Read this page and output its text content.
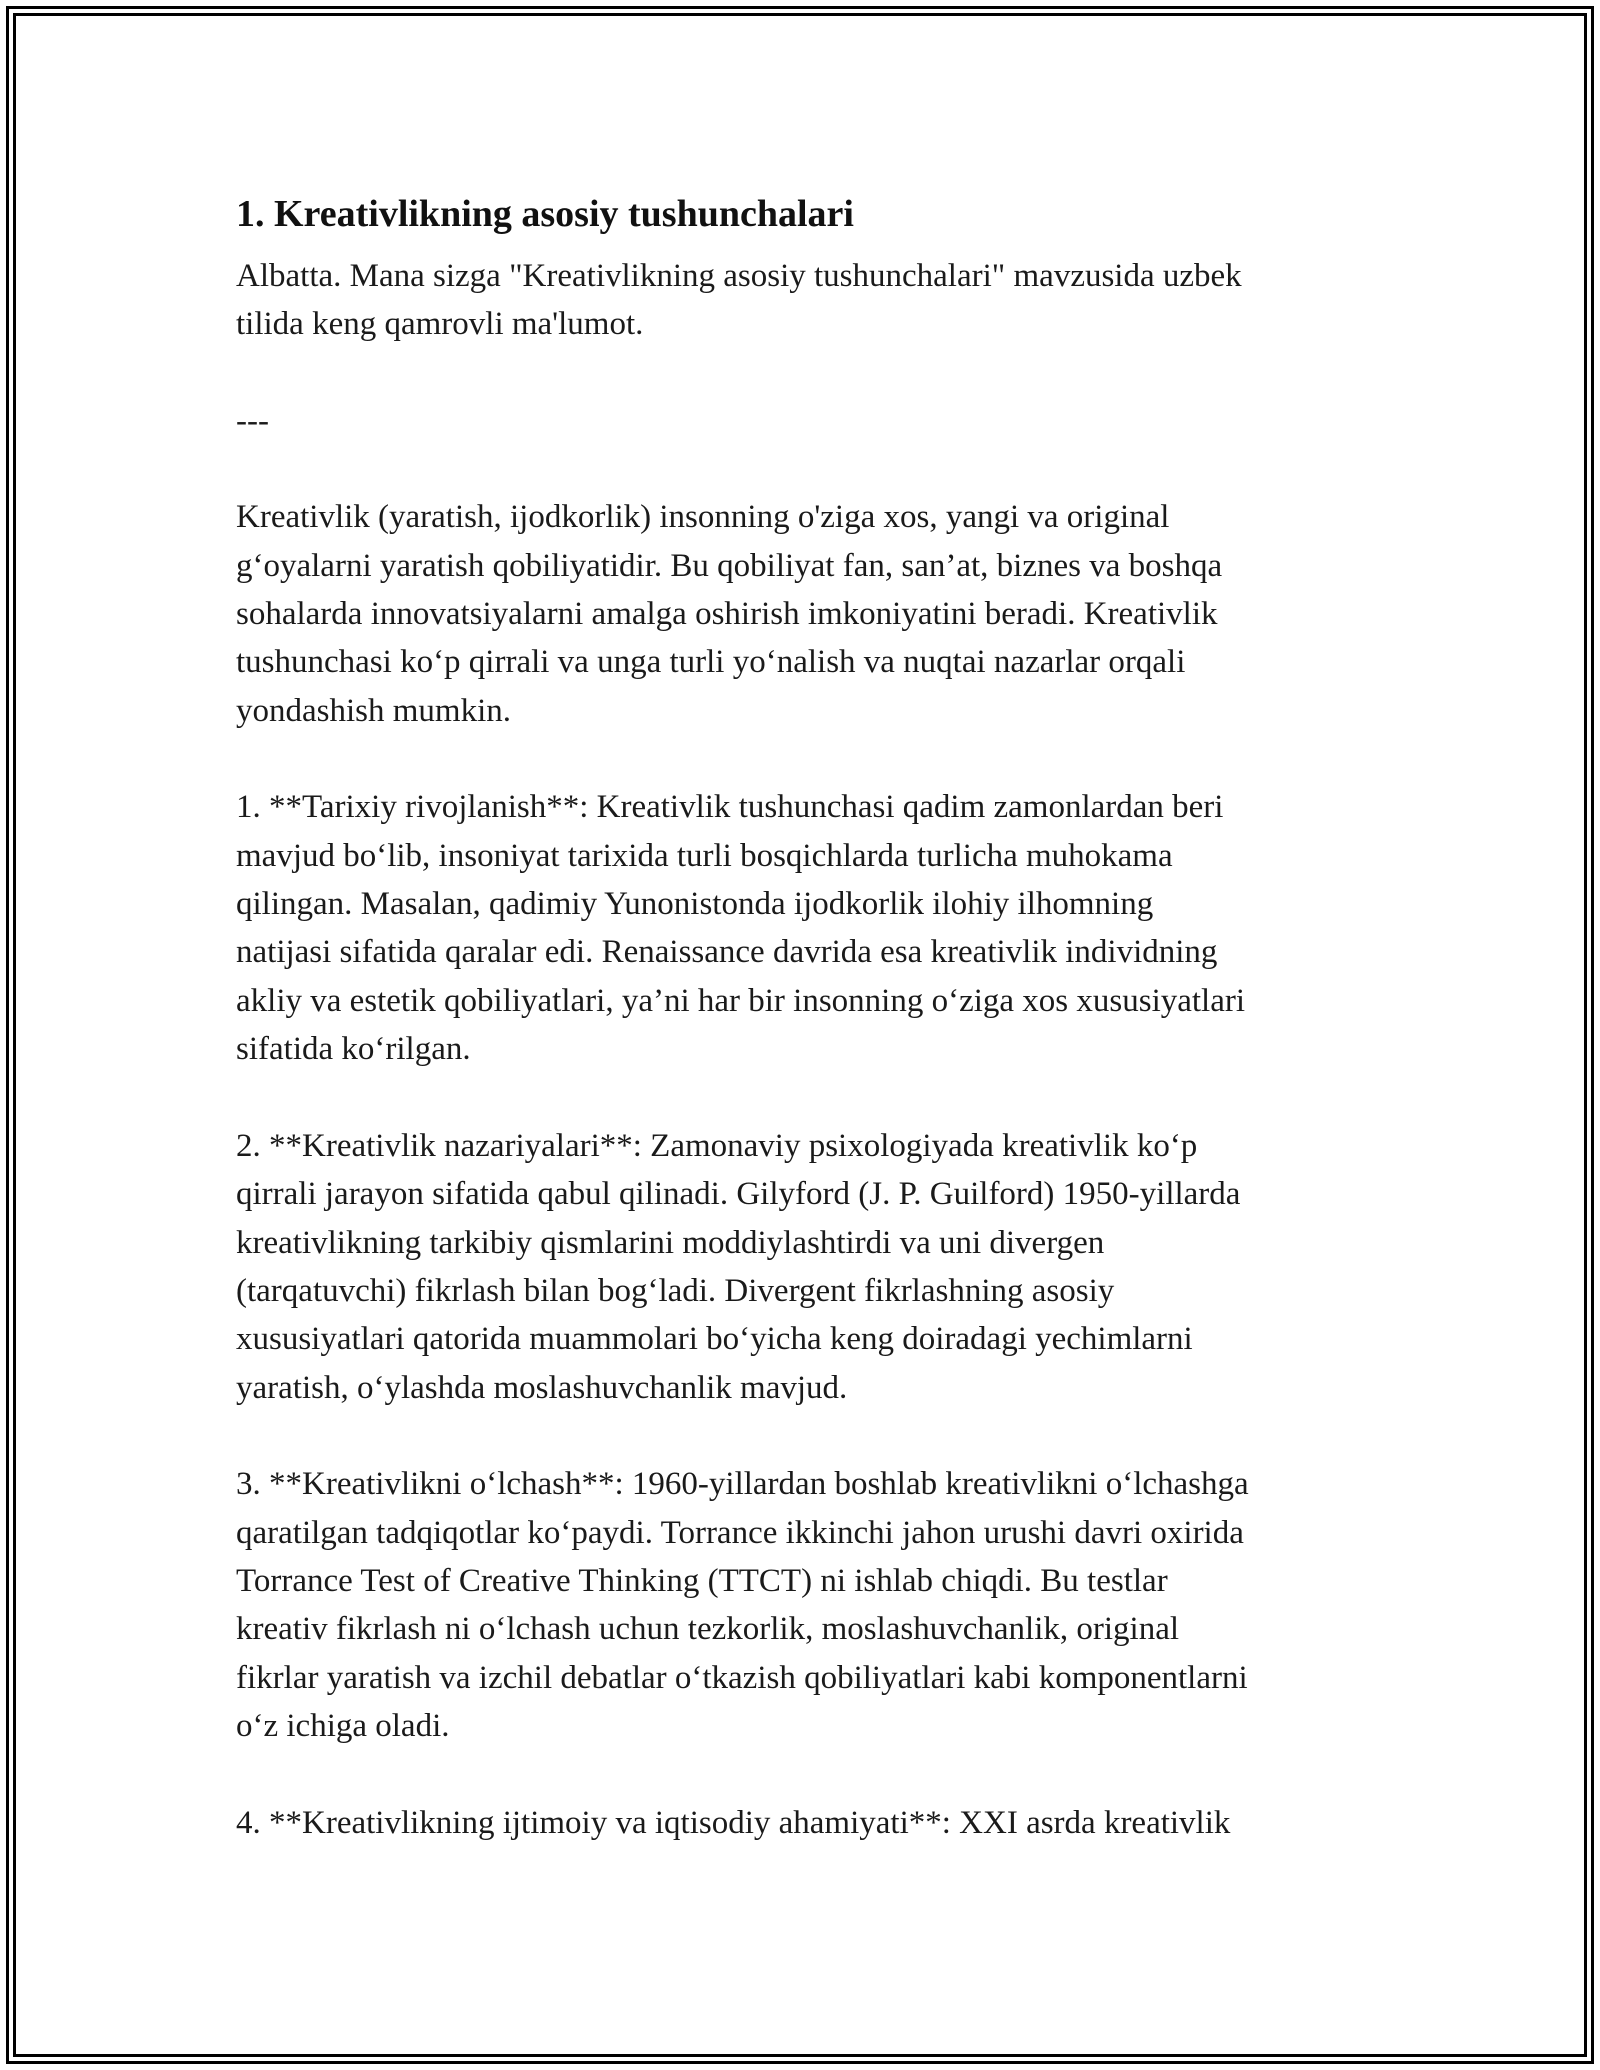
1. Kreativlikning asosiy tushunchalari

Albatta. Mana sizga "Kreativlikning asosiy tushunchalari" mavzusida uzbek
tilida keng qamrovli ma'lumot.

---

Kreativlik (yaratish, ijodkorlik) insonning o'ziga xos, yangi va original
g‘oyalarni yaratish qobiliyatidir. Bu qobiliyat fan, san’at, biznes va boshqa
sohalarda innovatsiyalarni amalga oshirish imkoniyatini beradi. Kreativlik
tushunchasi ko‘p qirrali va unga turli yo‘nalish va nuqtai nazarlar orqali
yondashish mumkin.

1. **Tarixiy rivojlanish**: Kreativlik tushunchasi qadim zamonlardan beri
mavjud bo‘lib, insoniyat tarixida turli bosqichlarda turlicha muhokama
qilingan. Masalan, qadimiy Yunonistonda ijodkorlik ilohiy ilhomning
natijasi sifatida qaralar edi. Renaissance davrida esa kreativlik individning
akliy va estetik qobiliyatlari, ya’ni har bir insonning o‘ziga xos xususiyatlari
sifatida ko‘rilgan.

2. **Kreativlik nazariyalari**: Zamonaviy psixologiyada kreativlik ko‘p
qirrali jarayon sifatida qabul qilinadi. Gilyford (J. P. Guilford) 1950-yillarda
kreativlikning tarkibiy qismlarini moddiylashtirdi va uni divergen
(tarqatuvchi) fikrlash bilan bog‘ladi. Divergent fikrlashning asosiy
xususiyatlari qatorida muammolari bo‘yicha keng doiradagi yechimlarni
yaratish, o‘ylashda moslashuvchanlik mavjud.

3. **Kreativlikni o‘lchash**: 1960-yillardan boshlab kreativlikni o‘lchashga
qaratilgan tadqiqotlar ko‘paydi. Torrance ikkinchi jahon urushi davri oxirida
Torrance Test of Creative Thinking (TTCT) ni ishlab chiqdi. Bu testlar
kreativ fikrlash ni o‘lchash uchun tezkorlik, moslashuvchanlik, original
fikrlar yaratish va izchil debatlar o‘tkazish qobiliyatlari kabi komponentlarni
o‘z ichiga oladi.

4. **Kreativlikning ijtimoiy va iqtisodiy ahamiyati**: XXI asrda kreativlik
